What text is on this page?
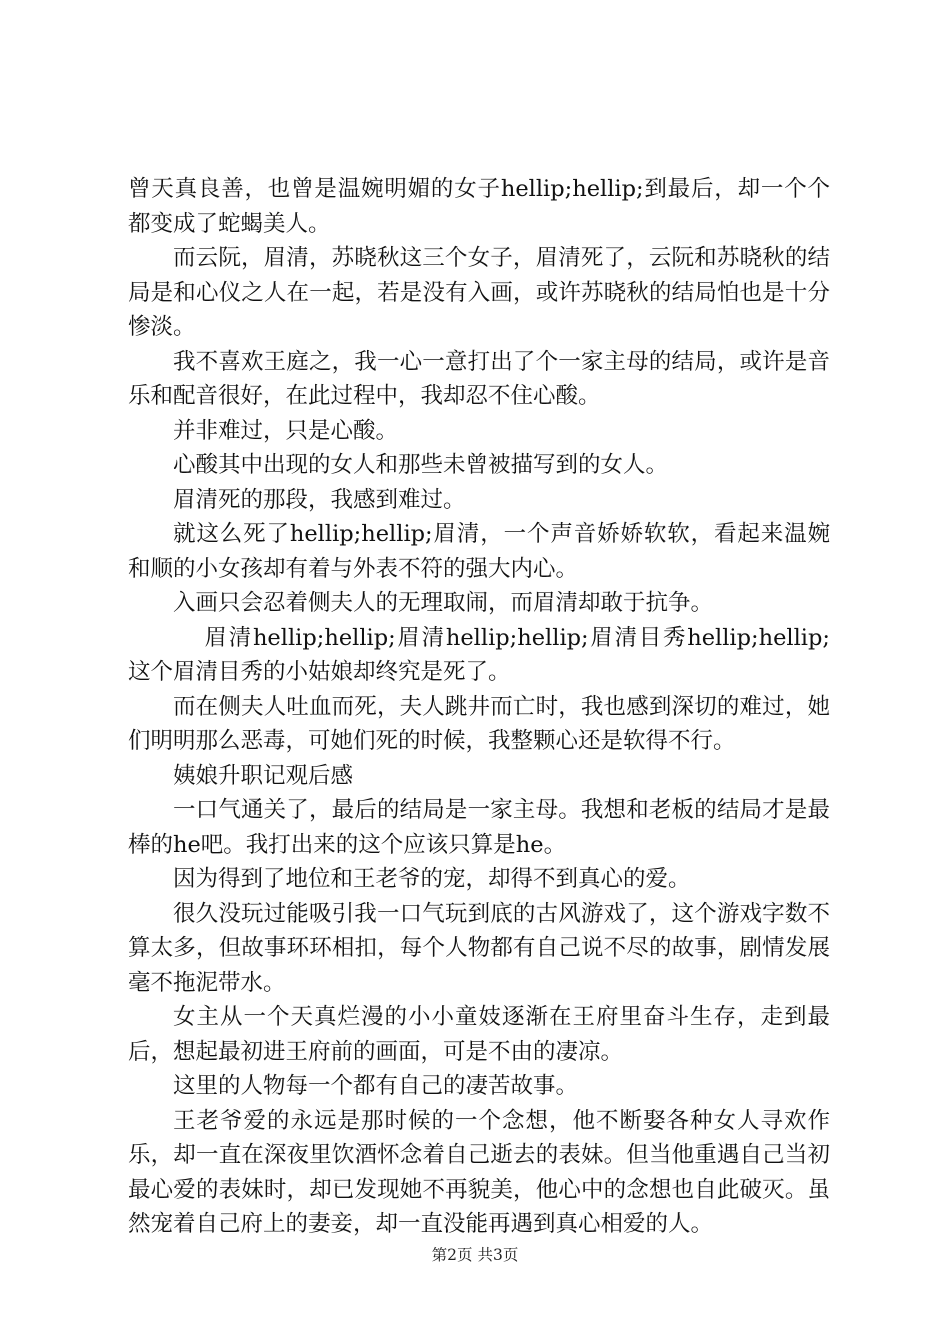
曾天真良善，也曾是温婉明媚的女子hellip;hellip;到最后，却一个个都变成了蛇蝎美人。

而云阮，眉清，苏晓秋这三个女子，眉清死了，云阮和苏晓秋的结局是和心仪之人在一起，若是没有入画，或许苏晓秋的结局怕也是十分惨淡。

我不喜欢王庭之，我一心一意打出了个一家主母的结局，或许是音乐和配音很好，在此过程中，我却忍不住心酸。

并非难过，只是心酸。

心酸其中出现的女人和那些未曾被描写到的女人。

眉清死的那段，我感到难过。

就这么死了hellip;hellip;眉清，一个声音娇娇软软，看起来温婉和顺的小女孩却有着与外表不符的强大内心。

入画只会忍着侧夫人的无理取闹，而眉清却敢于抗争。

眉清hellip;hellip;眉清hellip;hellip;眉清目秀hellip;hellip;这个眉清目秀的小姑娘却终究是死了。

而在侧夫人吐血而死，夫人跳井而亡时，我也感到深切的难过，她们明明那么恶毒，可她们死的时候，我整颗心还是软得不行。

姨娘升职记观后感

一口气通关了，最后的结局是一家主母。我想和老板的结局才是最棒的he吧。我打出来的这个应该只算是he。

因为得到了地位和王老爷的宠，却得不到真心的爱。

很久没玩过能吸引我一口气玩到底的古风游戏了，这个游戏字数不算太多，但故事环环相扣，每个人物都有自己说不尽的故事，剧情发展毫不拖泥带水。

女主从一个天真烂漫的小小童妓逐渐在王府里奋斗生存，走到最后，想起最初进王府前的画面，可是不由的凄凉。

这里的人物每一个都有自己的凄苦故事。

王老爷爱的永远是那时候的一个念想，他不断娶各种女人寻欢作乐，却一直在深夜里饮酒怀念着自己逝去的表妹。但当他重遇自己当初最心爱的表妹时，却已发现她不再貌美，他心中的念想也自此破灭。虽然宠着自己府上的妻妾，却一直没能再遇到真心相爱的人。

第2页 共3页
